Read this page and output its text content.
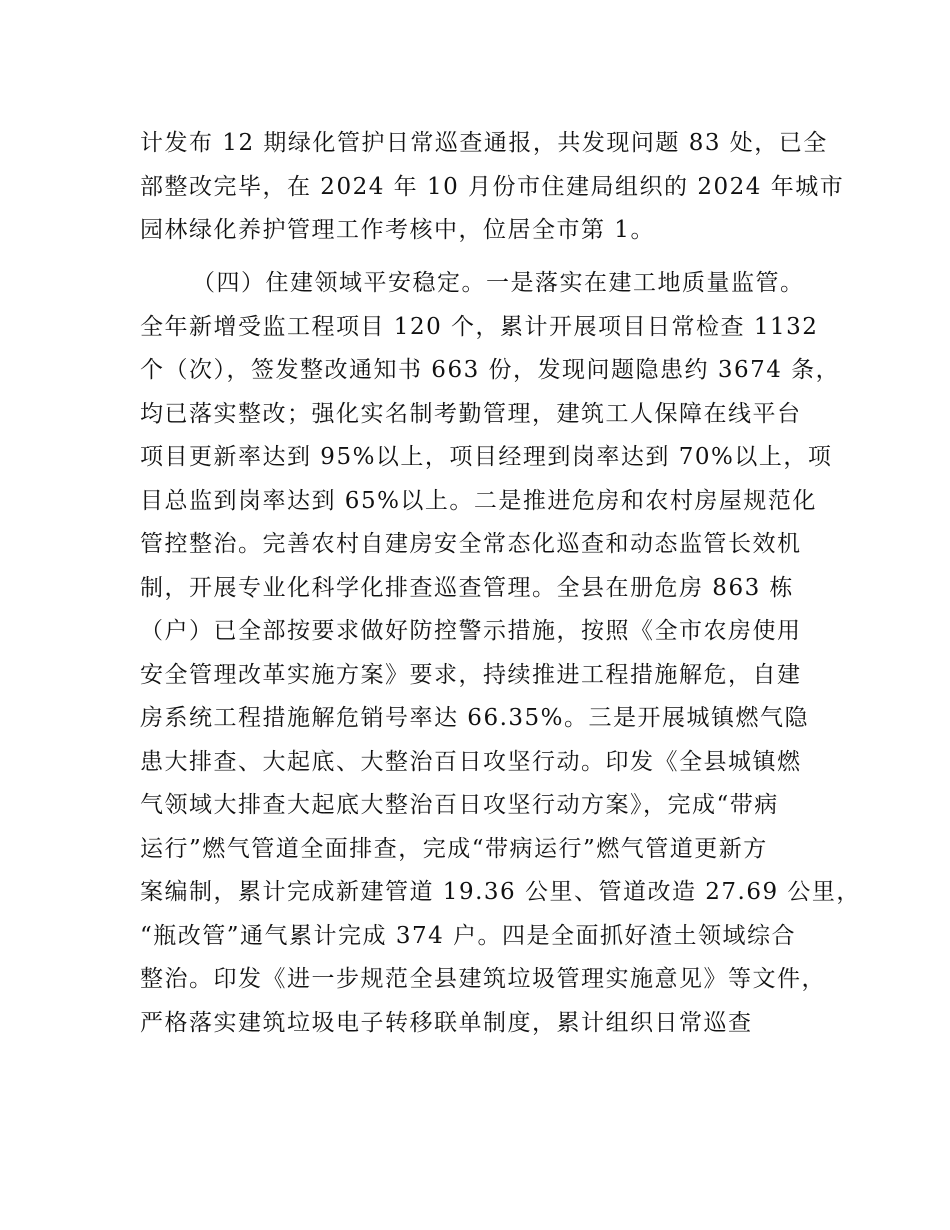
计发布 12 期绿化管护日常巡查通报，共发现问题 83 处，已全
部整改完毕，在 2024 年 10 月份市住建局组织的 2024 年城市
园林绿化养护管理工作考核中，位居全市第 1。
（四）住建领域平安稳定。一是落实在建工地质量监管。
全年新增受监工程项目 120 个，累计开展项目日常检查 1132
个（次），签发整改通知书 663 份，发现问题隐患约 3674 条，
均已落实整改；强化实名制考勤管理，建筑工人保障在线平台
项目更新率达到 95%以上，项目经理到岗率达到 70%以上，项
目总监到岗率达到 65%以上。二是推进危房和农村房屋规范化
管控整治。完善农村自建房安全常态化巡查和动态监管长效机
制，开展专业化科学化排查巡查管理。全县在册危房 863 栋
（户）已全部按要求做好防控警示措施，按照《全市农房使用
安全管理改革实施方案》要求，持续推进工程措施解危，自建
房系统工程措施解危销号率达 66.35%。三是开展城镇燃气隐
患大排查、大起底、大整治百日攻坚行动。印发《全县城镇燃
气领域大排查大起底大整治百日攻坚行动方案》，完成“带病
运行”燃气管道全面排查，完成“带病运行”燃气管道更新方
案编制，累计完成新建管道 19.36 公里、管道改造 27.69 公里，
“瓶改管”通气累计完成 374 户。四是全面抓好渣土领域综合
整治。印发《进一步规范全县建筑垃圾管理实施意见》等文件，
严格落实建筑垃圾电子转移联单制度，累计组织日常巡查
